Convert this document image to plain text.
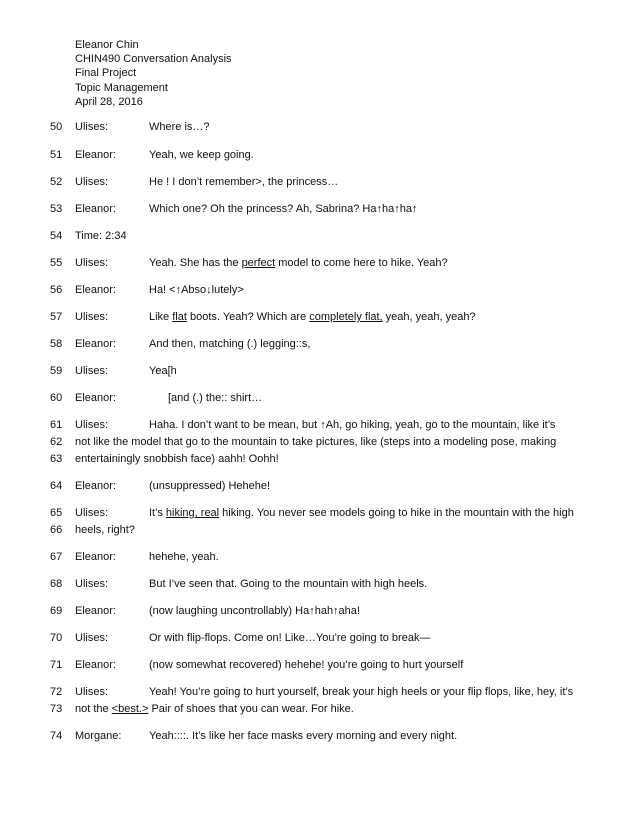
Eleanor Chin
CHIN490 Conversation Analysis
Final Project
Topic Management
April 28, 2016
50	Ulises:	Where is…?
51	Eleanor:	Yeah, we keep going.
52	Ulises:	He ! I don’t remember>, the princess…
53	Eleanor:	Which one? Oh the princess? Ah, Sabrina? Ha↑ha↑ha↑
54	Time: 2:34
55	Ulises:	Yeah. She has the perfect model to come here to hike. Yeah?
56	Eleanor:	Ha! <↑Abso↓lutely>
57	Ulises:	Like flat boots. Yeah? Which are completely flat, yeah, yeah, yeah?
58	Eleanor:	And then, matching (.) legging::s,
59	Ulises:	Yea[h
60	Eleanor:	[and (.) the:: shirt…
61	Ulises:	Haha. I don’t want to be mean, but ↑Ah, go hiking, yeah, go to the mountain, like it’s
62	not like the model that go to the mountain to take pictures, like (steps into a modeling pose, making
63	entertainingly snobbish face) aahh! Oohh!
64	Eleanor:	(unsuppressed) Hehehe!
65	Ulises:	It’s hiking, real hiking. You never see models going to hike in the mountain with the high
66	heels, right?
67	Eleanor:	hehehe, yeah.
68	Ulises:	But I’ve seen that. Going to the mountain with high heels.
69	Eleanor:	(now laughing uncontrollably) Ha↑hah↑aha!
70	Ulises:	Or with flip-flops. Come on! Like…You’re going to break—
71	Eleanor:	(now somewhat recovered) hehehe! you’re going to hurt yourself
72	Ulises:	Yeah! You’re going to hurt yourself, break your high heels or your flip flops, like, hey, it’s
73	not the <best.> Pair of shoes that you can wear. For hike.
74	Morgane:	Yeah::::. It’s like her face masks every morning and every night.
